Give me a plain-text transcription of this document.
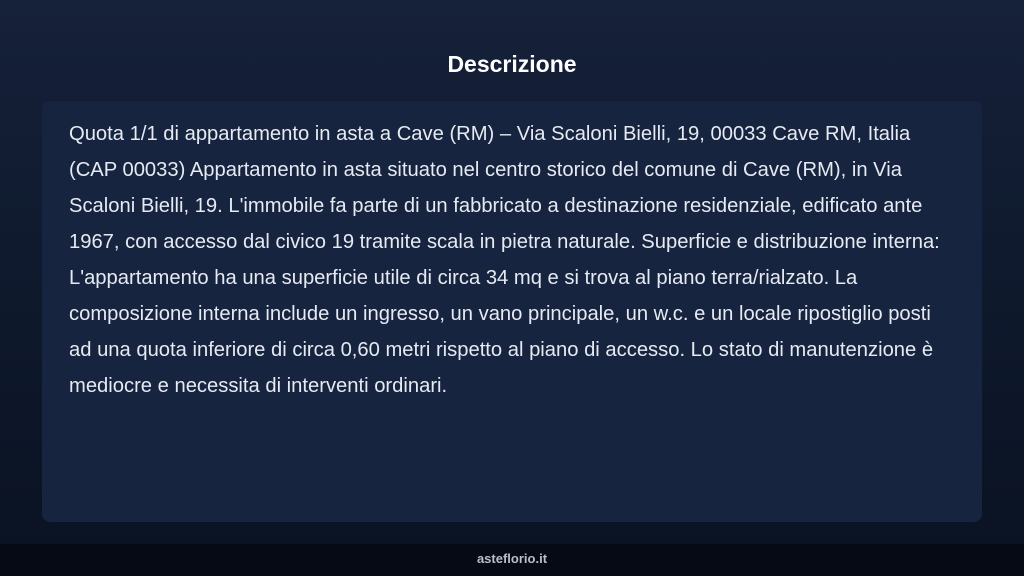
Descrizione

Quota 1/1 di appartamento in asta a Cave (RM) – Via Scaloni Bielli, 19, 00033 Cave RM, Italia (CAP 00033) Appartamento in asta situato nel centro storico del comune di Cave (RM), in Via Scaloni Bielli, 19. L'immobile fa parte di un fabbricato a destinazione residenziale, edificato ante 1967, con accesso dal civico 19 tramite scala in pietra naturale. Superficie e distribuzione interna: L'appartamento ha una superficie utile di circa 34 mq e si trova al piano terra/rialzato. La composizione interna include un ingresso, un vano principale, un w.c. e un locale ripostiglio posti ad una quota inferiore di circa 0,60 metri rispetto al piano di accesso. Lo stato di manutenzione è mediocre e necessita di interventi ordinari.

asteflorio.it
